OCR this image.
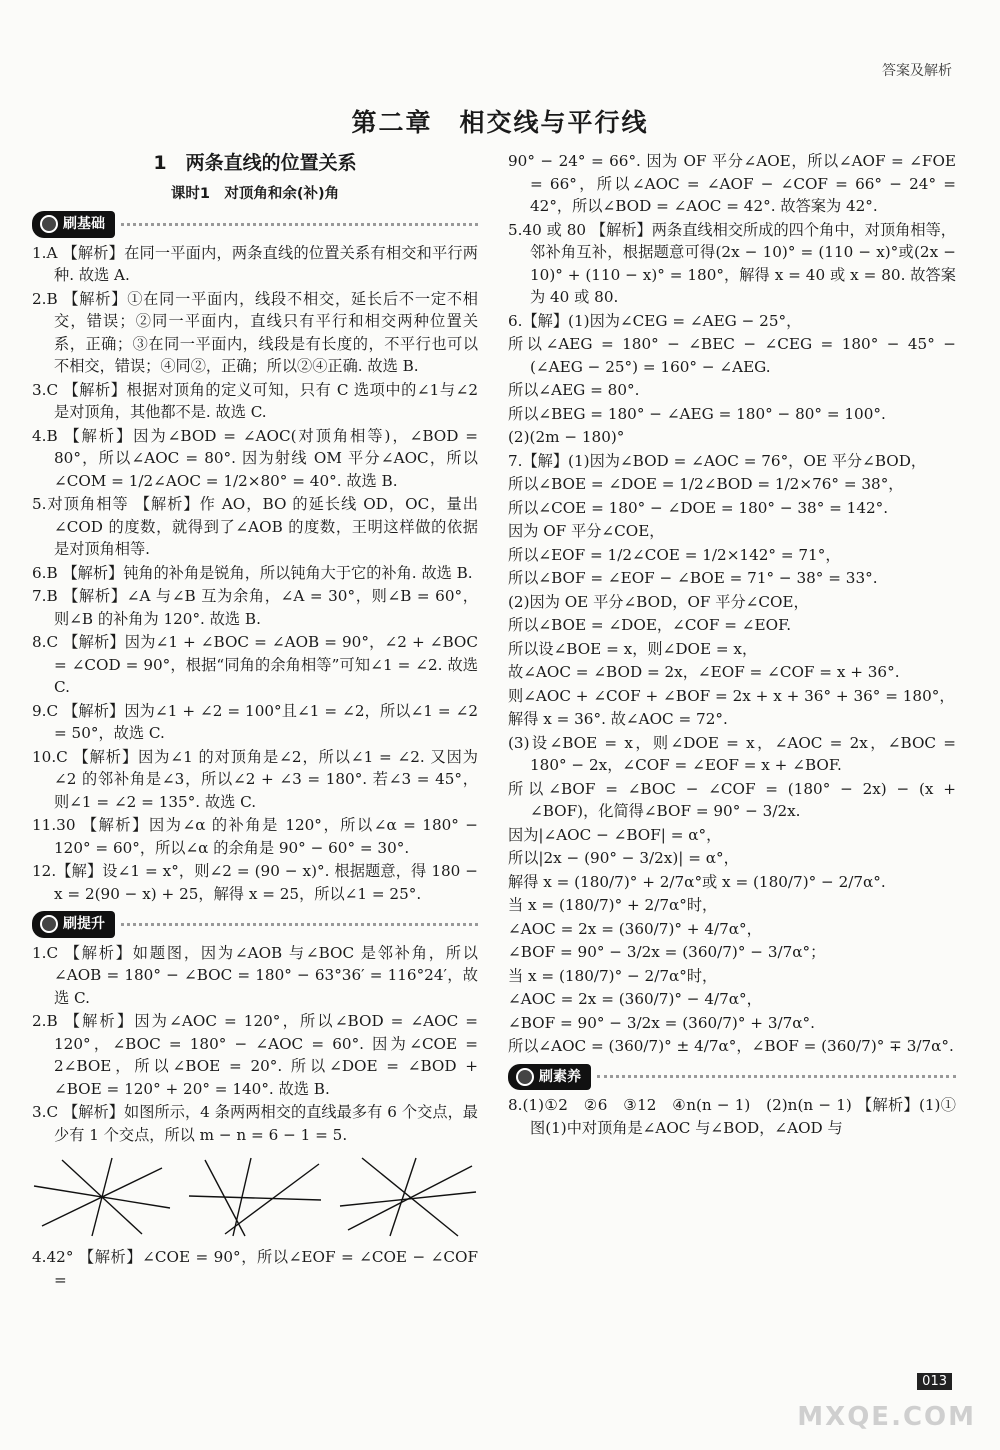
答案及解析
第二章　相交线与平行线
1　两条直线的位置关系
课时1　对顶角和余(补)角
刷基础
1.A 【解析】在同一平面内，两条直线的位置关系有相交和平行两种. 故选 A.
2.B 【解析】①在同一平面内，线段不相交，延长后不一定不相交，错误；②同一平面内，直线只有平行和相交两种位置关系，正确；③在同一平面内，线段是有长度的，不平行也可以不相交，错误；④同②，正确；所以②④正确. 故选 B.
3.C 【解析】根据对顶角的定义可知，只有 C 选项中的∠1与∠2 是对顶角，其他都不是. 故选 C.
4.B 【解析】因为∠BOD = ∠AOC(对顶角相等)，∠BOD = 80°，所以∠AOC = 80°. 因为射线 OM 平分∠AOC，所以∠COM = 1/2∠AOC = 1/2×80° = 40°. 故选 B.
5.对顶角相等 【解析】作 AO，BO 的延长线 OD，OC，量出∠COD 的度数，就得到了∠AOB 的度数，王明这样做的依据是对顶角相等.
6.B 【解析】钝角的补角是锐角，所以钝角大于它的补角. 故选 B.
7.B 【解析】∠A 与∠B 互为余角，∠A = 30°，则∠B = 60°，则∠B 的补角为 120°. 故选 B.
8.C 【解析】因为∠1 + ∠BOC = ∠AOB = 90°，∠2 + ∠BOC = ∠COD = 90°，根据“同角的余角相等”可知∠1 = ∠2. 故选 C.
9.C 【解析】因为∠1 + ∠2 = 100°且∠1 = ∠2，所以∠1 = ∠2 = 50°，故选 C.
10.C 【解析】因为∠1 的对顶角是∠2，所以∠1 = ∠2. 又因为∠2 的邻补角是∠3，所以∠2 + ∠3 = 180°. 若∠3 = 45°，则∠1 = ∠2 = 135°. 故选 C.
11.30 【解析】因为∠α 的补角是 120°，所以∠α = 180° − 120° = 60°，所以∠α 的余角是 90° − 60° = 30°.
12.【解】设∠1 = x°，则∠2 = (90 − x)°. 根据题意，得 180 − x = 2(90 − x) + 25，解得 x = 25，所以∠1 = 25°.
刷提升
1.C 【解析】如题图，因为∠AOB 与∠BOC 是邻补角，所以∠AOB = 180° − ∠BOC = 180° − 63°36′ = 116°24′，故选 C.
2.B 【解析】因为∠AOC = 120°，所以∠BOD = ∠AOC = 120°，∠BOC = 180° − ∠AOC = 60°. 因为∠COE = 2∠BOE，所以∠BOE = 20°. 所以∠DOE = ∠BOD + ∠BOE = 120° + 20° = 140°. 故选 B.
3.C 【解析】如图所示，4 条两两相交的直线最多有 6 个交点，最少有 1 个交点，所以 m − n = 6 − 1 = 5.
4.42° 【解析】∠COE = 90°，所以∠EOF = ∠COE − ∠COF =
90° − 24° = 66°. 因为 OF 平分∠AOE，所以∠AOF = ∠FOE = 66°，所以∠AOC = ∠AOF − ∠COF = 66° − 24° = 42°，所以∠BOD = ∠AOC = 42°. 故答案为 42°.
5.40 或 80 【解析】两条直线相交所成的四个角中，对顶角相等，邻补角互补，根据题意可得(2x − 10)° = (110 − x)°或(2x − 10)° + (110 − x)° = 180°，解得 x = 40 或 x = 80. 故答案为 40 或 80.
6.【解】(1)因为∠CEG = ∠AEG − 25°，
所以∠AEG = 180° − ∠BEC − ∠CEG = 180° − 45° − (∠AEG − 25°) = 160° − ∠AEG.
所以∠AEG = 80°.
所以∠BEG = 180° − ∠AEG = 180° − 80° = 100°.
(2)(2m − 180)°
7.【解】(1)因为∠BOD = ∠AOC = 76°，OE 平分∠BOD，
所以∠BOE = ∠DOE = 1/2∠BOD = 1/2×76° = 38°，
所以∠COE = 180° − ∠DOE = 180° − 38° = 142°.
因为 OF 平分∠COE，
所以∠EOF = 1/2∠COE = 1/2×142° = 71°，
所以∠BOF = ∠EOF − ∠BOE = 71° − 38° = 33°.
(2)因为 OE 平分∠BOD，OF 平分∠COE，
所以∠BOE = ∠DOE，∠COF = ∠EOF.
所以设∠BOE = x，则∠DOE = x，
故∠AOC = ∠BOD = 2x，∠EOF = ∠COF = x + 36°.
则∠AOC + ∠COF + ∠BOF = 2x + x + 36° + 36° = 180°，
解得 x = 36°. 故∠AOC = 72°.
(3)设∠BOE = x，则∠DOE = x，∠AOC = 2x，∠BOC = 180° − 2x，∠COF = ∠EOF = x + ∠BOF.
所以∠BOF = ∠BOC − ∠COF = (180° − 2x) − (x + ∠BOF)，化简得∠BOF = 90° − 3/2x.
因为|∠AOC − ∠BOF| = α°，
所以|2x − (90° − 3/2x)| = α°，
解得 x = (180/7)° + 2/7α°或 x = (180/7)° − 2/7α°.
当 x = (180/7)° + 2/7α°时，
∠AOC = 2x = (360/7)° + 4/7α°，
∠BOF = 90° − 3/2x = (360/7)° − 3/7α°；
当 x = (180/7)° − 2/7α°时，
∠AOC = 2x = (360/7)° − 4/7α°，
∠BOF = 90° − 3/2x = (360/7)° + 3/7α°.
所以∠AOC = (360/7)° ± 4/7α°，∠BOF = (360/7)° ∓ 3/7α°.
刷素养
8.(1)①2　②6　③12　④n(n − 1)　(2)n(n − 1) 【解析】(1)①图(1)中对顶角是∠AOC 与∠BOD，∠AOD 与
013
MXQE.COM
